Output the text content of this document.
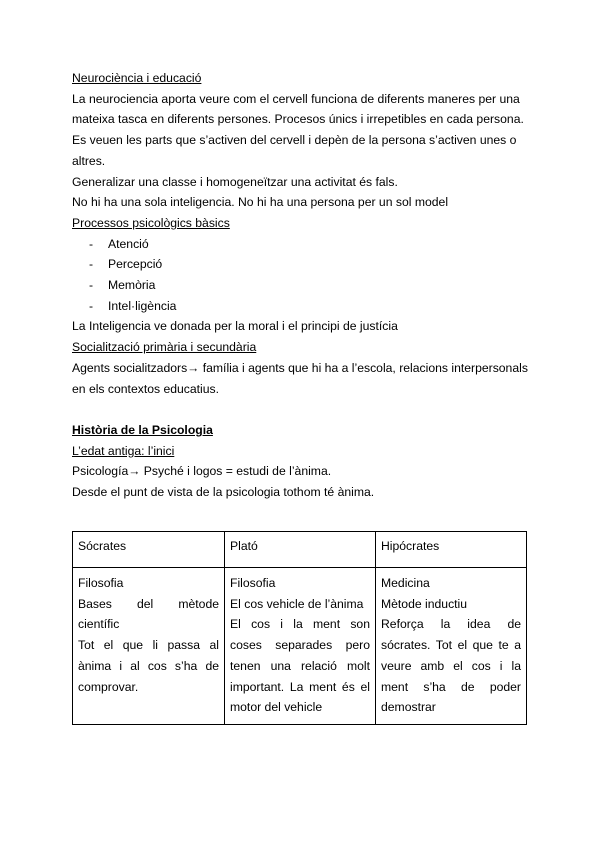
Neurociència i educació
La neurociencia aporta veure com el cervell funciona de diferents maneres per una
mateixa tasca en diferents persones. Procesos únics i irrepetibles en cada persona.
Es veuen les parts que s’activen del cervell i depèn de la persona s’activen unes o
altres.
Generalizar una classe i homogeneïtzar una activitat és fals.
No hi ha una sola inteligencia. No hi ha una persona per un sol model
Processos psicològics bàsics
- Atenció
- Percepció
- Memòria
- Intel·ligència
La Inteligencia ve donada per la moral i el principi de justícia
Socialització primària i secundària
Agents socialitzadors→ família i agents que hi ha a l’escola, relacions interpersonals
en els contextos educatius.
Història de la Psicologia
L’edat antiga: l’inici
Psicología→ Psyché i logos = estudi de l’ànima.
Desde el punt de vista de la psicologia tothom té ànima.
Sócrates	Plató	Hipócrates

Filosofia
Bases del mètode científic
Tot el que li passa al ànima i al cos s’ha de comprovar.	Filosofia
El cos vehicle de l’ànima
El cos i la ment son coses separades pero tenen una relació molt important. La ment és el motor del vehicle	Medicina
Mètode inductiu
Reforça la idea de sócrates. Tot el que te a veure amb el cos i la ment s’ha de poder demostrar
